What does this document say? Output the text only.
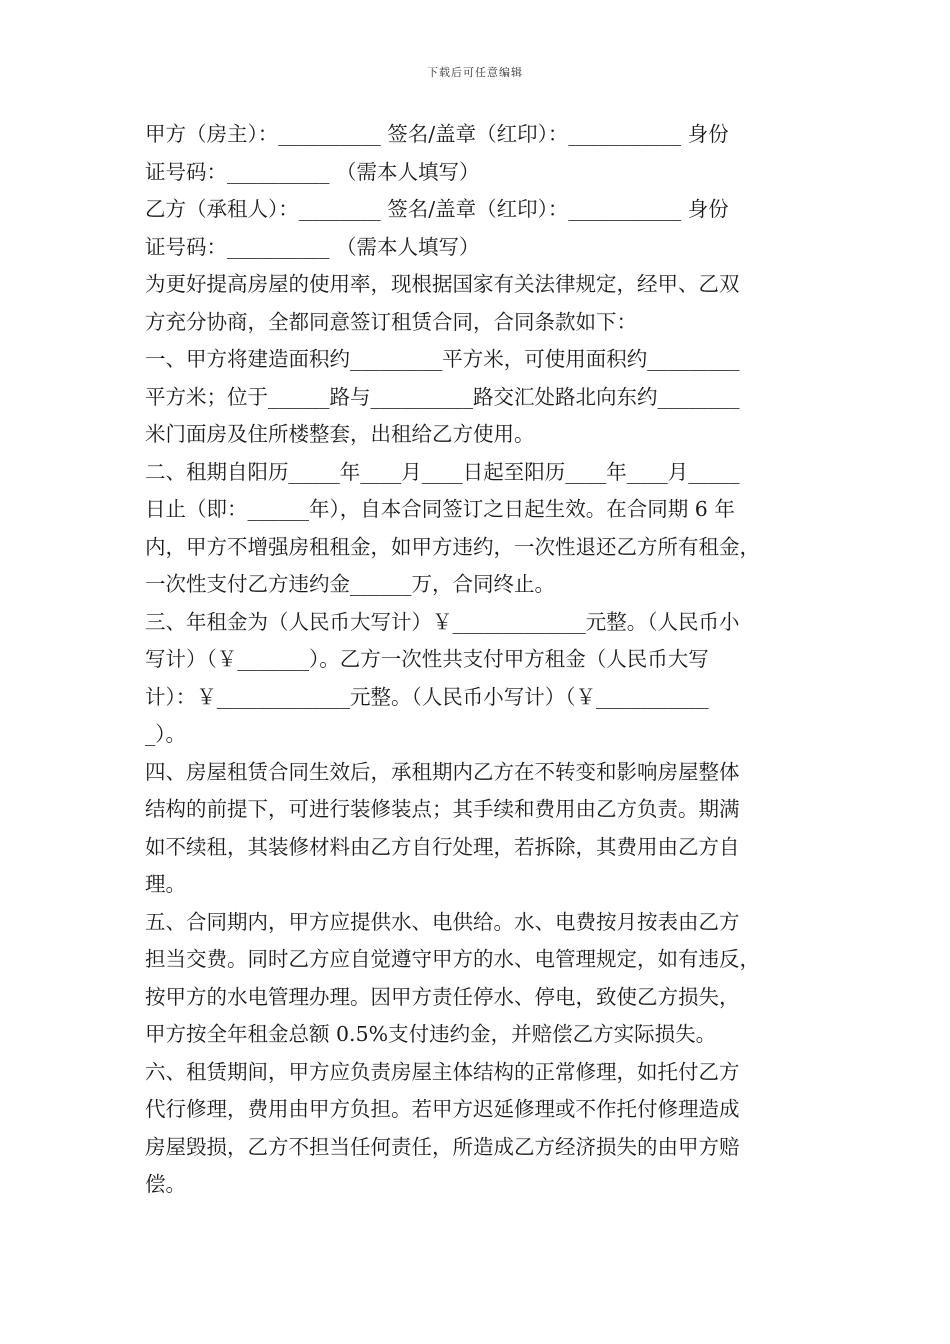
下载后可任意编辑
甲方（房主）：__________ 签名/盖章（红印）：___________ 身份
证号码：__________ （需本人填写）
乙方（承租人）：________ 签名/盖章（红印）：___________ 身份
证号码：__________ （需本人填写）
为更好提高房屋的使用率，现根据国家有关法律规定，经甲、乙双
方充分协商，全都同意签订租赁合同，合同条款如下：
一、甲方将建造面积约_________平方米，可使用面积约_________
平方米；位于______路与__________路交汇处路北向东约________
米门面房及住所楼整套，出租给乙方使用。
二、租期自阳历_____年____月____日起至阳历____年____月_____
日止（即：______年），自本合同签订之日起生效。在合同期 6 年
内，甲方不增强房租租金，如甲方违约，一次性退还乙方所有租金，
一次性支付乙方违约金______万，合同终止。
三、年租金为（人民币大写计）￥_____________元整。（人民币小
写计）（￥_______）。乙方一次性共支付甲方租金（人民币大写
计）：￥_____________元整。（人民币小写计）（￥___________
_）。
四、房屋租赁合同生效后，承租期内乙方在不转变和影响房屋整体
结构的前提下，可进行装修装点；其手续和费用由乙方负责。期满
如不续租，其装修材料由乙方自行处理，若拆除，其费用由乙方自
理。
五、合同期内，甲方应提供水、电供给。水、电费按月按表由乙方
担当交费。同时乙方应自觉遵守甲方的水、电管理规定，如有违反，
按甲方的水电管理办理。因甲方责任停水、停电，致使乙方损失，
甲方按全年租金总额 0.5%支付违约金，并赔偿乙方实际损失。
六、租赁期间，甲方应负责房屋主体结构的正常修理，如托付乙方
代行修理，费用由甲方负担。若甲方迟延修理或不作托付修理造成
房屋毁损，乙方不担当任何责任，所造成乙方经济损失的由甲方赔
偿。
